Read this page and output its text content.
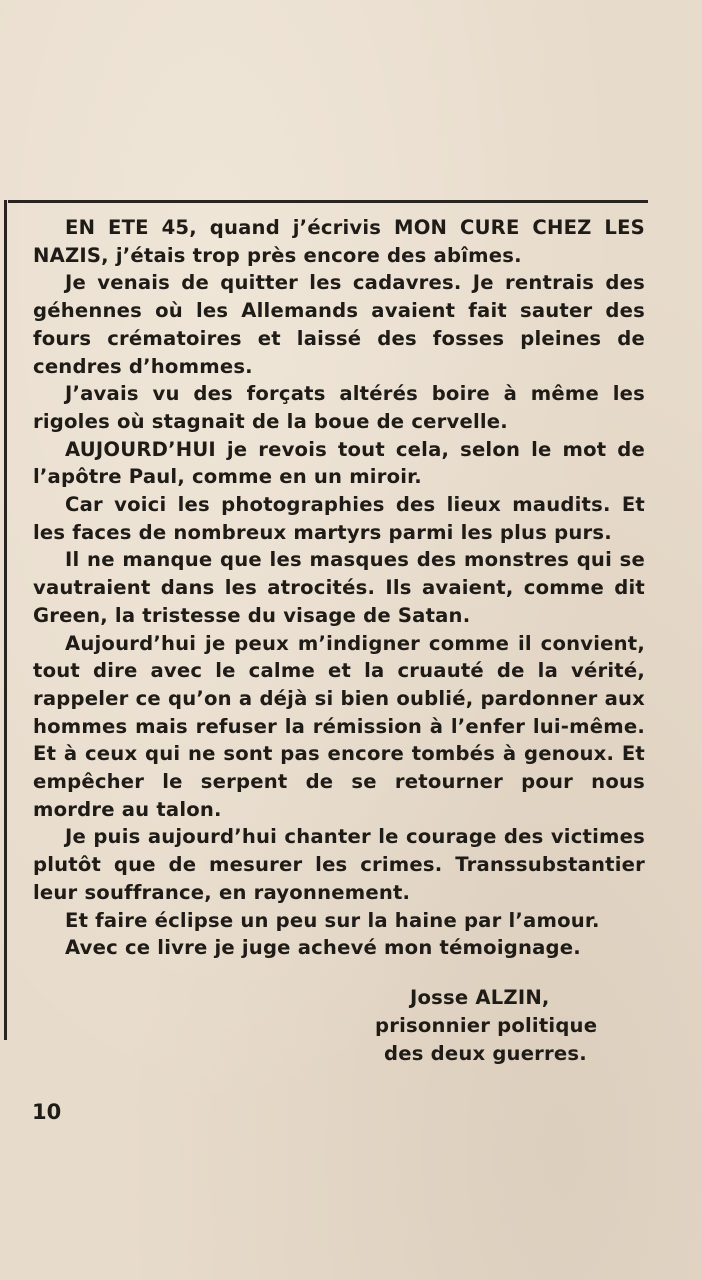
EN ETE 45, quand j’écrivis MON CURE CHEZ LES NAZIS, j’étais trop près encore des abîmes.

Je venais de quitter les cadavres. Je rentrais des géhennes où les Allemands avaient fait sauter des fours crématoires et laissé des fosses pleines de cendres d’hommes.

J’avais vu des forçats altérés boire à même les rigoles où stagnait de la boue de cervelle.

AUJOURD’HUI je revois tout cela, selon le mot de l’apôtre Paul, comme en un miroir.

Car voici les photographies des lieux maudits. Et les faces de nombreux martyrs parmi les plus purs.

Il ne manque que les masques des monstres qui se vautraient dans les atrocités. Ils avaient, comme dit Green, la tristesse du visage de Satan.

Aujourd’hui je peux m’indigner comme il convient, tout dire avec le calme et la cruauté de la vérité, rappeler ce qu’on a déjà si bien oublié, pardonner aux hommes mais refuser la rémission à l’enfer lui-même. Et à ceux qui ne sont pas encore tombés à genoux. Et empêcher le serpent de se retourner pour nous mordre au talon.

Je puis aujourd’hui chanter le courage des victimes plutôt que de mesurer les crimes. Transsubstantier leur souffrance, en rayonnement.

Et faire éclipse un peu sur la haine par l’amour.

Avec ce livre je juge achevé mon témoignage.

Josse ALZIN,
prisonnier politique
des deux guerres.
10
